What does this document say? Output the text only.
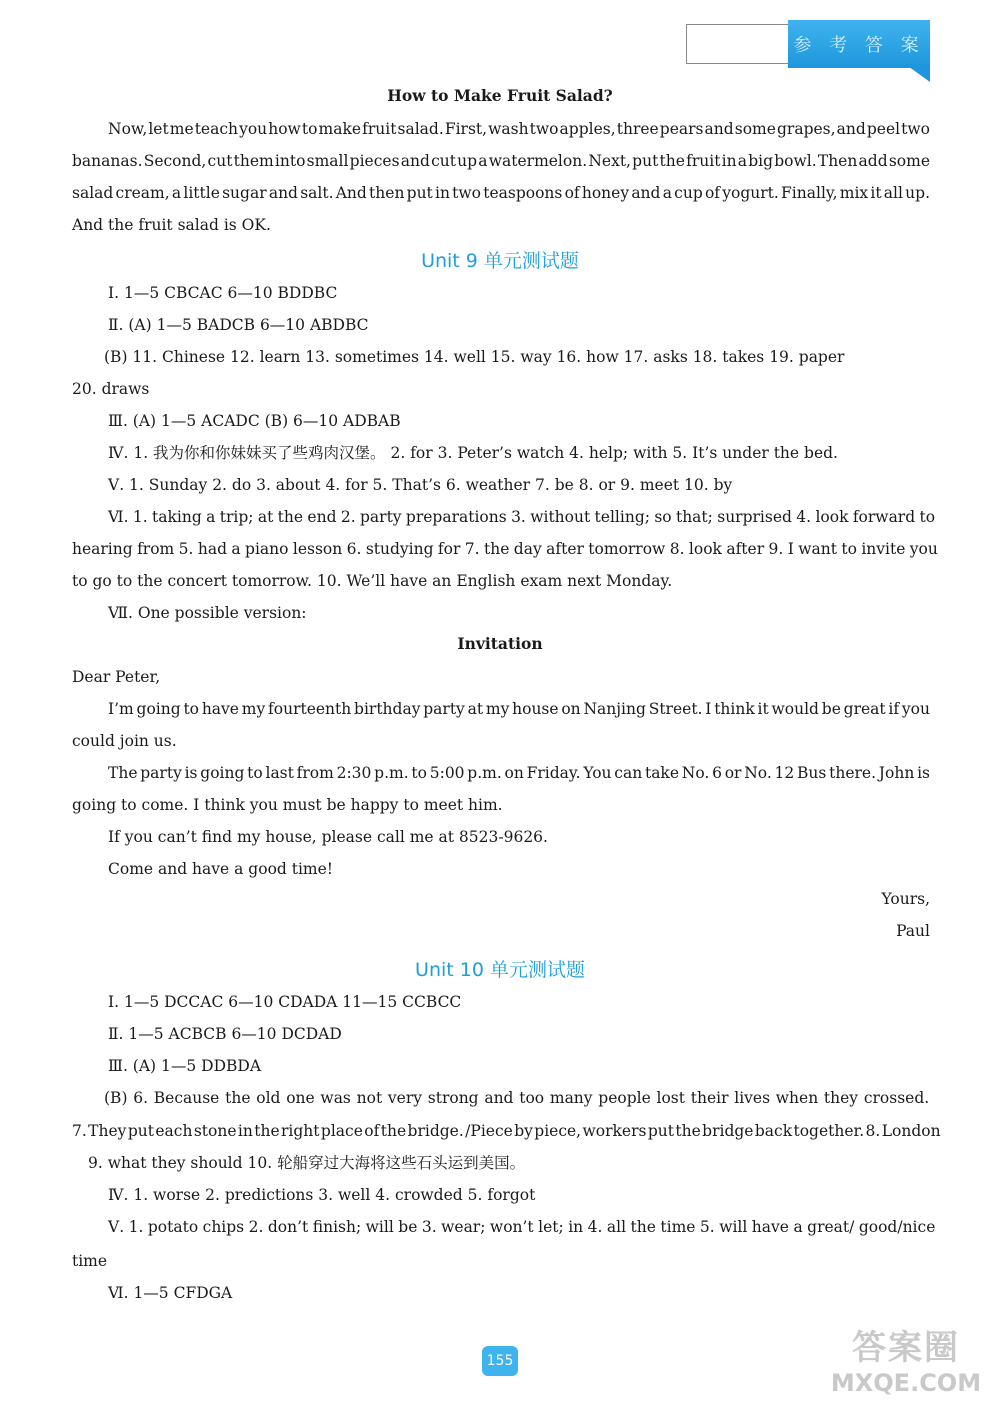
参 考 答 案
How to Make Fruit Salad?
Now, let me teach you how to make fruit salad. First, wash two apples, three pears and some grapes, and peel two
bananas. Second, cut them into small pieces and cut up a watermelon. Next, put the fruit in a big bowl. Then add some
salad cream, a little sugar and salt. And then put in two teaspoons of honey and a cup of yogurt. Finally, mix it all up.
And the fruit salad is OK.
Unit 9 单元测试题
Ⅰ. 1—5 CBCAC 6—10 BDDBC
Ⅱ. (A) 1—5 BADCB 6—10 ABDBC
(B) 11. Chinese 12. learn 13. sometimes 14. well 15. way 16. how 17. asks 18. takes 19. paper
20. draws
Ⅲ. (A) 1—5 ACADC (B) 6—10 ADBAB
Ⅳ. 1. 我为你和你妹妹买了些鸡肉汉堡。 2. for 3. Peter’s watch 4. help; with 5. It’s under the bed.
Ⅴ. 1. Sunday 2. do 3. about 4. for 5. That’s 6. weather 7. be 8. or 9. meet 10. by
Ⅵ. 1. taking a trip; at the end 2. party preparations 3. without telling; so that; surprised 4. look forward to
hearing from 5. had a piano lesson 6. studying for 7. the day after tomorrow 8. look after 9. I want to invite you
to go to the concert tomorrow. 10. We’ll have an English exam next Monday.
Ⅶ. One possible version:
Invitation
Dear Peter,
I’m going to have my fourteenth birthday party at my house on Nanjing Street. I think it would be great if you
could join us.
The party is going to last from 2:30 p.m. to 5:00 p.m. on Friday. You can take No. 6 or No. 12 Bus there. John is
going to come. I think you must be happy to meet him.
If you can’t find my house, please call me at 8523-9626.
Come and have a good time!
Yours,
Paul
Unit 10 单元测试题
Ⅰ. 1—5 DCCAC 6—10 CDADA 11—15 CCBCC
Ⅱ. 1—5 ACBCB 6—10 DCDAD
Ⅲ. (A) 1—5 DDBDA
(B) 6. Because the old one was not very strong and too many people lost their lives when they crossed.
7. They put each stone in the right place of the bridge. /Piece by piece, workers put the bridge back together. 8. London
9. what they should 10. 轮船穿过大海将这些石头运到美国。
Ⅳ. 1. worse 2. predictions 3. well 4. crowded 5. forgot
Ⅴ. 1. potato chips 2. don’t finish; will be 3. wear; won’t let; in 4. all the time 5. will have a great/ good/nice
time
Ⅵ. 1—5 CFDGA
155	答案圈
MXQE.COM
